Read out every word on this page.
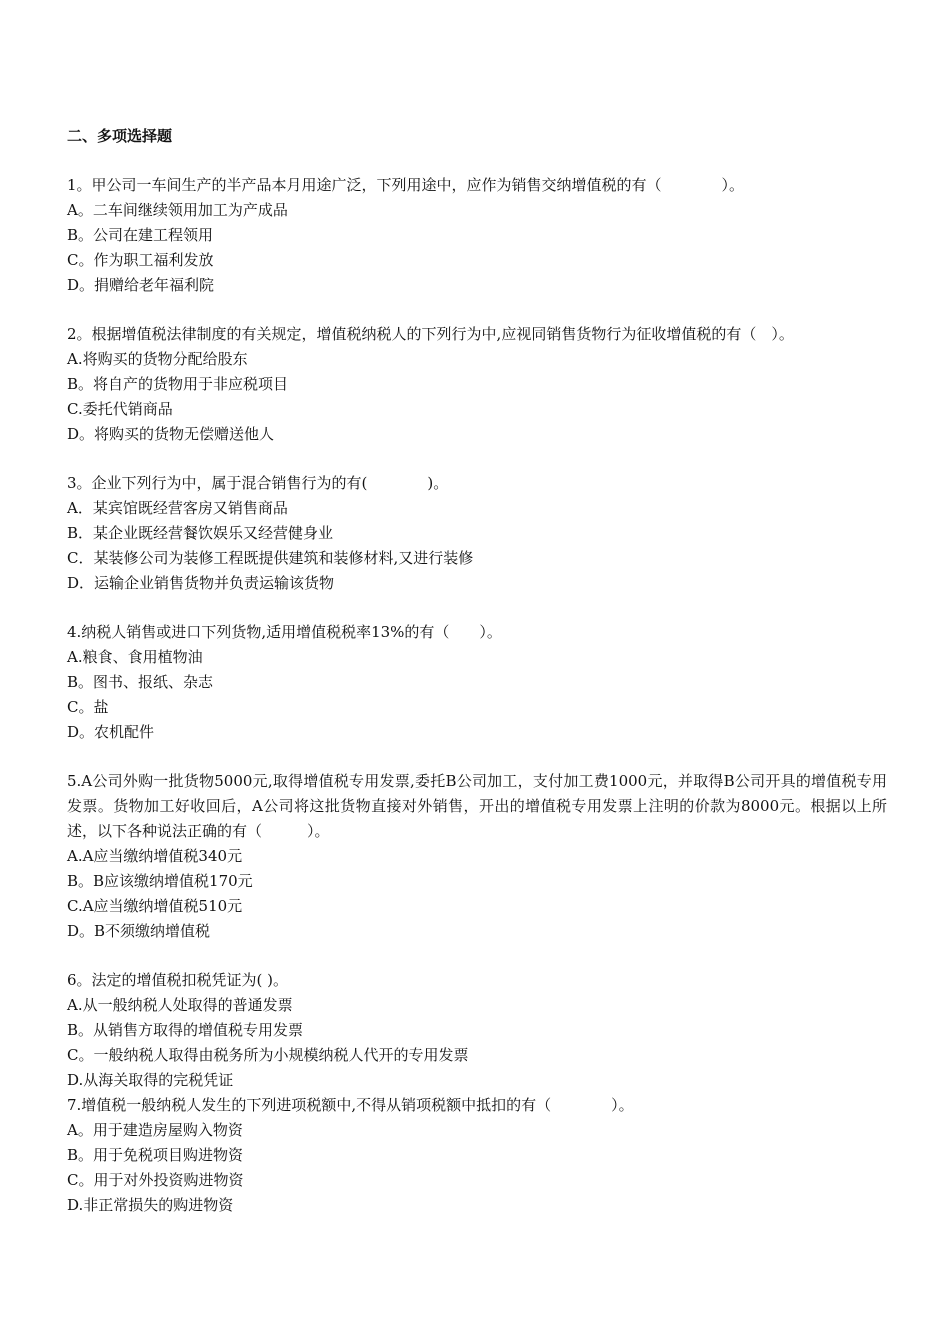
二、多项选择题
1。甲公司一车间生产的半产品本月用途广泛，下列用途中，应作为销售交纳增值税的有（　　　　）。
A。二车间继续领用加工为产成品
B。公司在建工程领用
C。作为职工福利发放
D。捐赠给老年福利院
2。根据增值税法律制度的有关规定，增值税纳税人的下列行为中,应视同销售货物行为征收增值税的有（　）。
A.将购买的货物分配给股东
B。将自产的货物用于非应税项目
C.委托代销商品
D。将购买的货物无偿赠送他人
3。企业下列行为中，属于混合销售行为的有(　　　　)。
A．某宾馆既经营客房又销售商品
B．某企业既经营餐饮娱乐又经营健身业
C．某装修公司为装修工程既提供建筑和装修材料,又进行装修
D．运输企业销售货物并负责运输该货物
4.纳税人销售或进口下列货物,适用增值税税率13%的有（　　）。
A.粮食、食用植物油
B。图书、报纸、杂志
C。盐
D。农机配件
5.A公司外购一批货物5000元,取得增值税专用发票,委托B公司加工，支付加工费1000元，并取得B公司开具的增值税专用发票。货物加工好收回后，A公司将这批货物直接对外销售，开出的增值税专用发票上注明的价款为8000元。根据以上所述，以下各种说法正确的有（　　　）。
A.A应当缴纳增值税340元
B。B应该缴纳增值税170元
C.A应当缴纳增值税510元
D。B不须缴纳增值税
6。法定的增值税扣税凭证为( )。
A.从一般纳税人处取得的普通发票
B。从销售方取得的增值税专用发票
C。一般纳税人取得由税务所为小规模纳税人代开的专用发票
D.从海关取得的完税凭证
7.增值税一般纳税人发生的下列进项税额中,不得从销项税额中抵扣的有（　　　　）。
A。用于建造房屋购入物资
B。用于免税项目购进物资
C。用于对外投资购进物资
D.非正常损失的购进物资
